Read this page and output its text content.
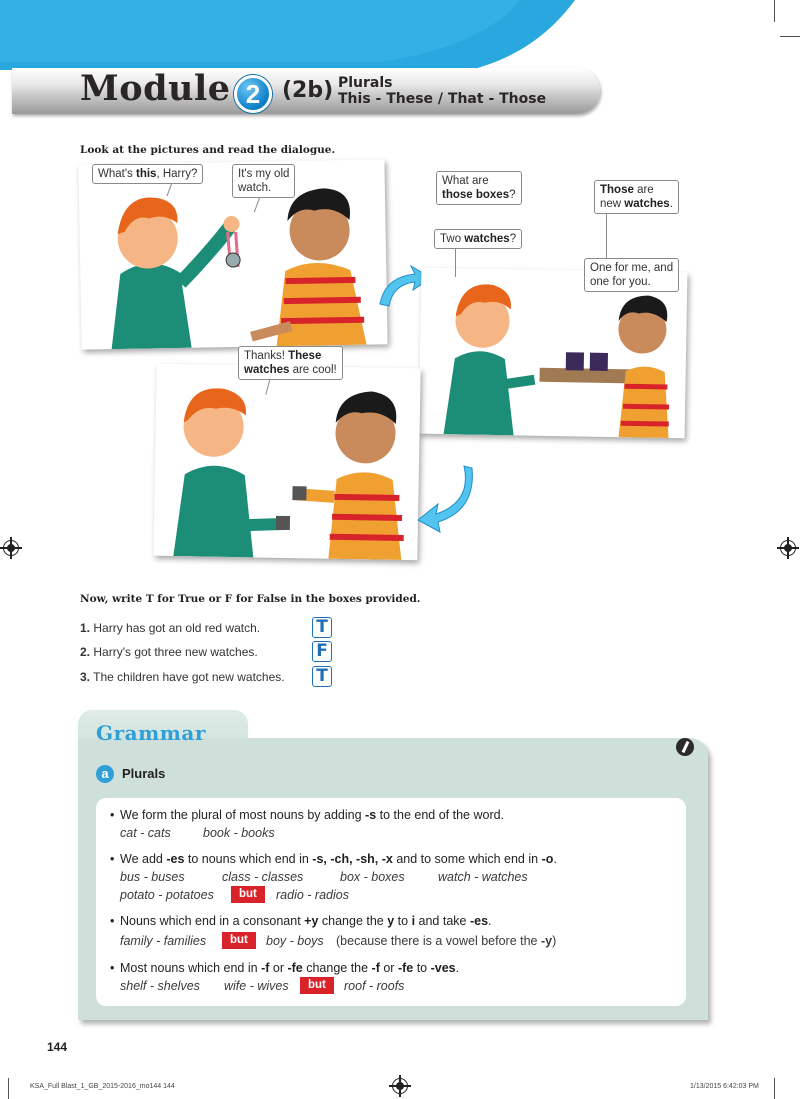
Module 2 (2b) Plurals
This - These / That - Those
Look at the pictures and read the dialogue.
What's this, Harry?	It's my old
watch.
What are
those boxes?
Two watches?
Those are
new watches.
One for me, and
one for you.
Thanks! These
watches are cool!
Now, write T for True or F for False in the boxes provided.
1. Harry has got an old red watch.	T
2. Harry's got three new watches.	F
3. The children have got new watches. T
Grammar
a	Plurals
• We form the plural of most nouns by adding -s to the end of the word.
cat - cats	book - books
• We add -es to nouns which end in -s, -ch, -sh, -x and to some which end in -o.
bus - buses	class - classes	box - boxes	watch - watches
potato - potatoes	but	radio - radios
• Nouns which end in a consonant +y change the y to i and take -es.
family - families	but	boy - boys (because there is a vowel before the -y)
• Most nouns which end in -f or -fe change the -f or -fe to -ves.
shelf - shelves wife - wives	but	roof - roofs
144
KSA_Full Blast_1_GB_2015-2016_mo144 144	1/13/2015 6:42:03 PM
